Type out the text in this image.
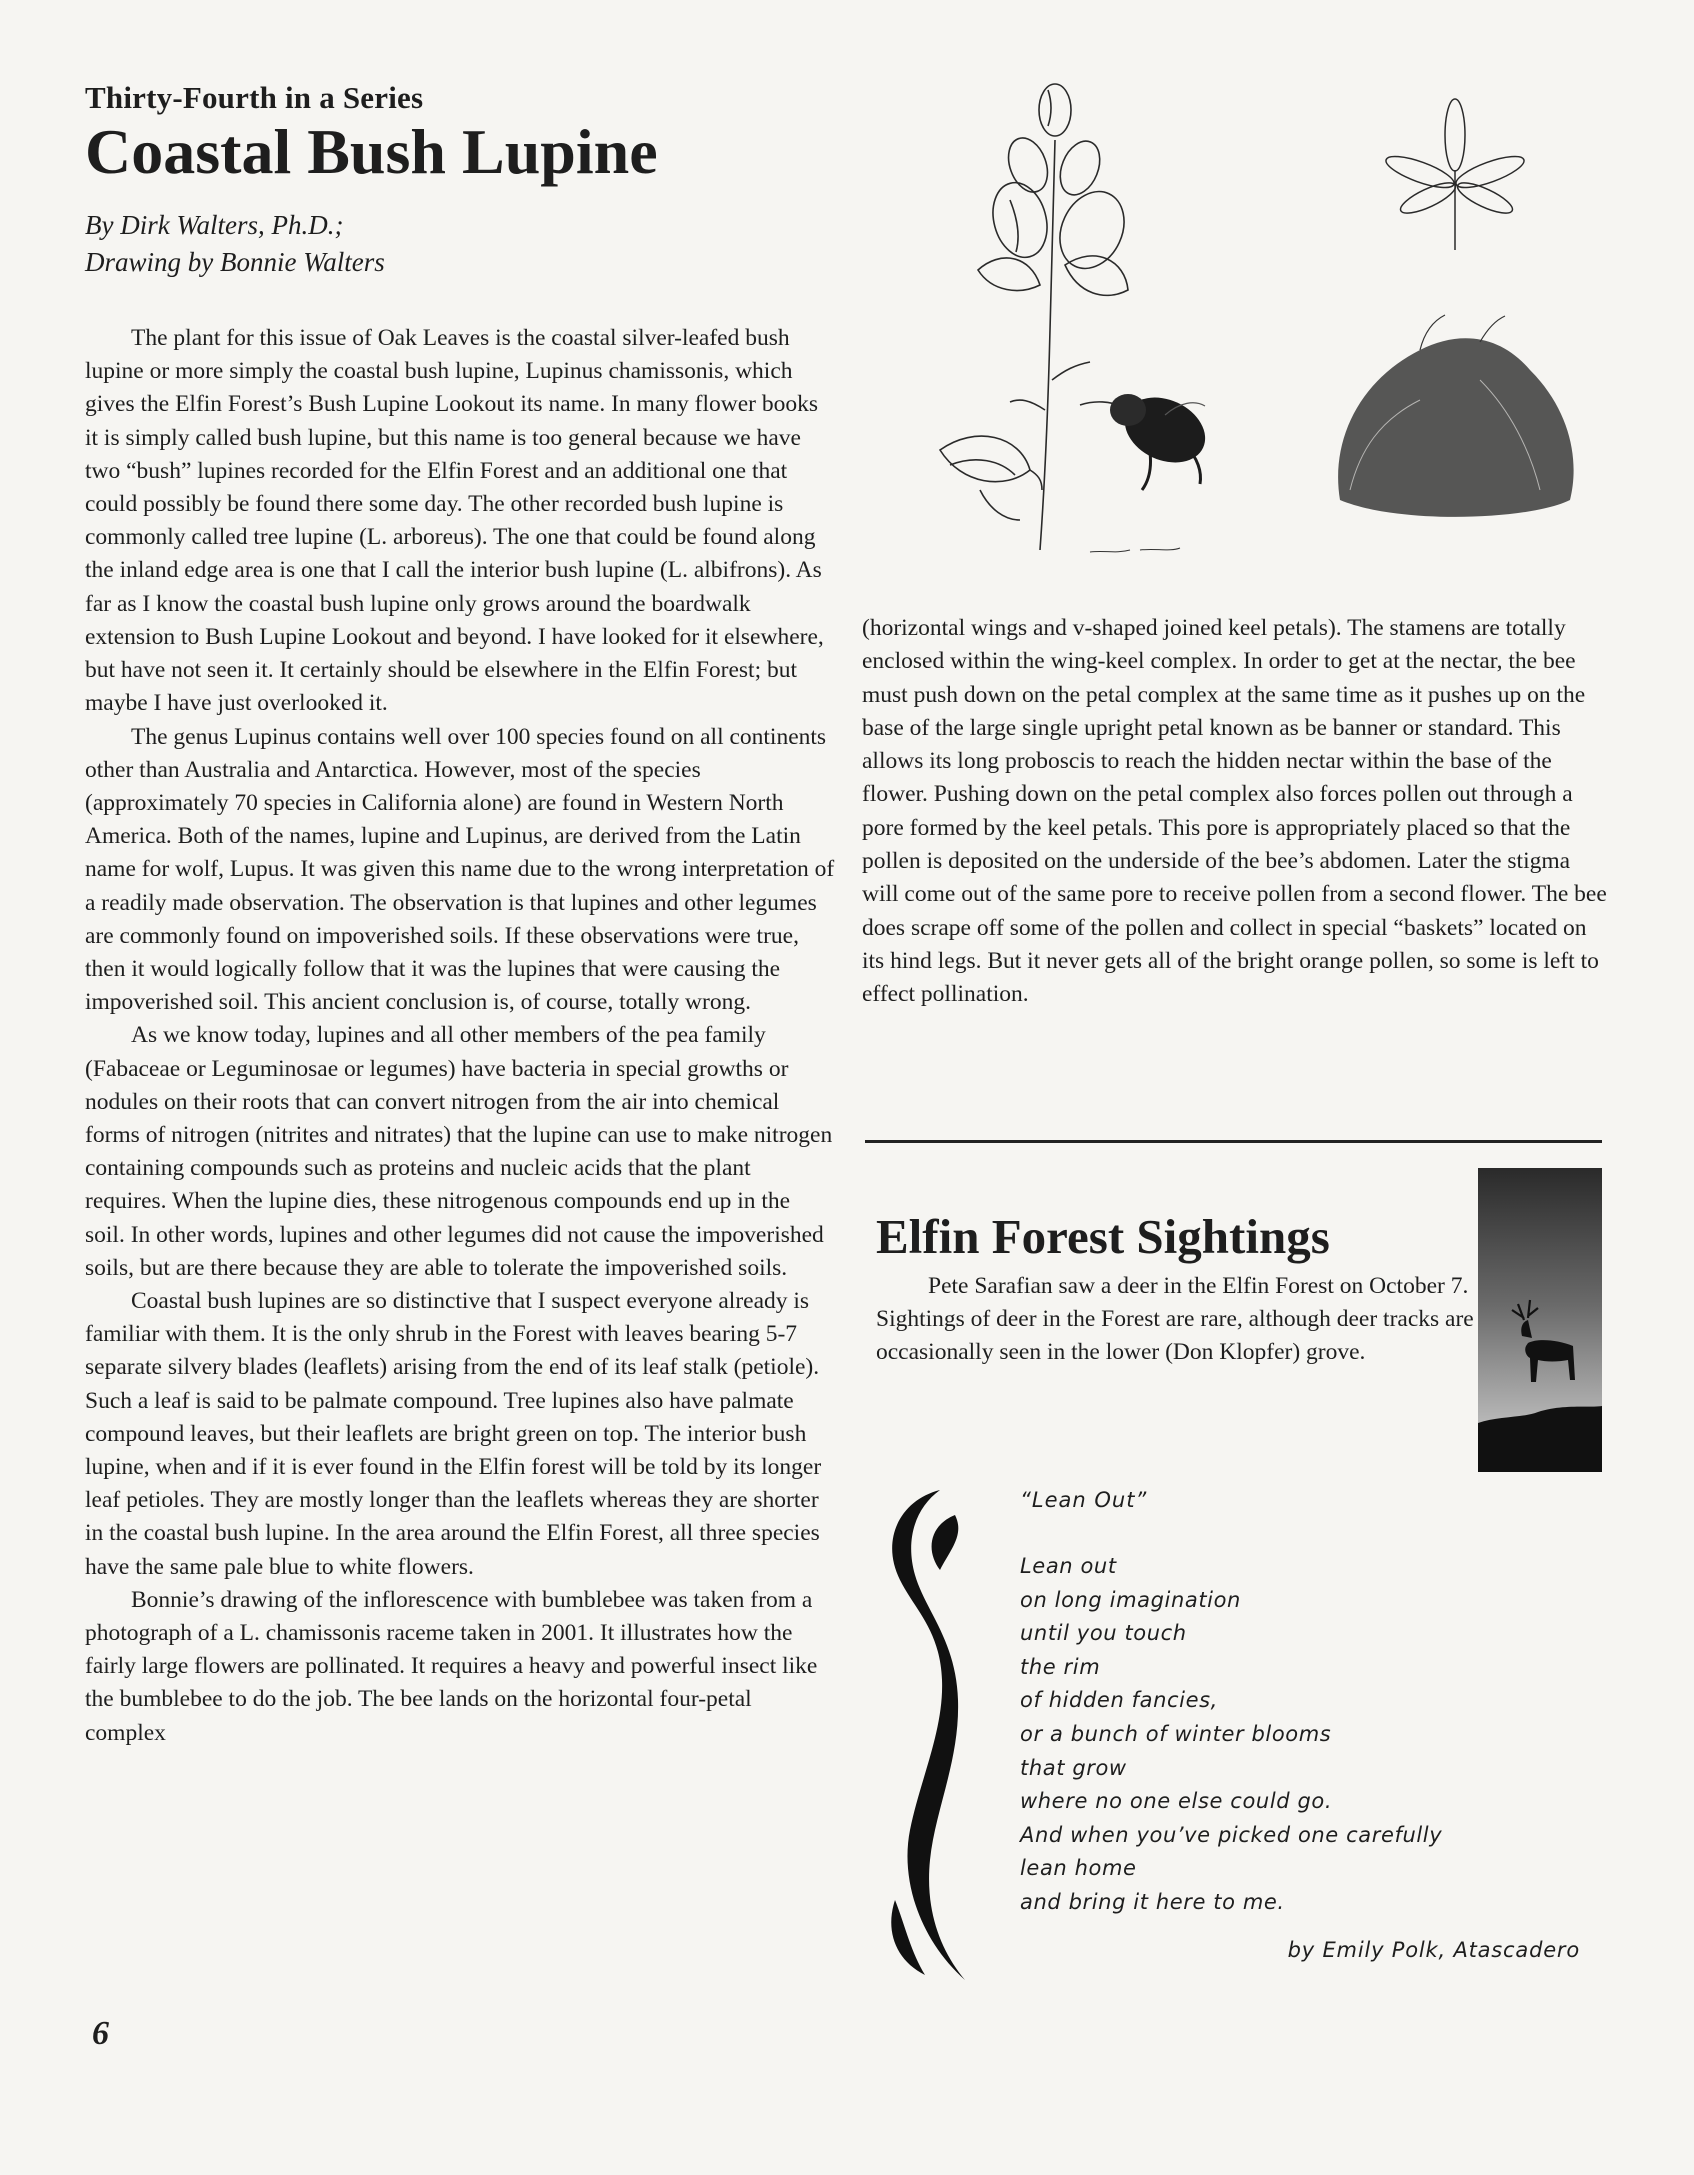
Thirty-Fourth in a Series
Coastal Bush Lupine
By Dirk Walters, Ph.D.;
Drawing by Bonnie Walters

The plant for this issue of Oak Leaves is the coastal silver-leafed bush lupine or more simply the coastal bush lupine, Lupinus chamissonis, which gives the Elfin Forest’s Bush Lupine Lookout its name. In many flower books it is simply called bush lupine, but this name is too general because we have two “bush” lupines recorded for the Elfin Forest and an additional one that could possibly be found there some day. The other recorded bush lupine is commonly called tree lupine (L. arboreus). The one that could be found along the inland edge area is one that I call the interior bush lupine (L. albifrons). As far as I know the coastal bush lupine only grows around the boardwalk extension to Bush Lupine Lookout and beyond. I have looked for it elsewhere, but have not seen it. It certainly should be elsewhere in the Elfin Forest; but maybe I have just overlooked it.

The genus Lupinus contains well over 100 species found on all continents other than Australia and Antarctica. However, most of the species (approximately 70 species in California alone) are found in Western North America. Both of the names, lupine and Lupinus, are derived from the Latin name for wolf, Lupus. It was given this name due to the wrong interpretation of a readily made observation. The observation is that lupines and other legumes are commonly found on impoverished soils. If these observations were true, then it would logically follow that it was the lupines that were causing the impoverished soil. This ancient conclusion is, of course, totally wrong.

As we know today, lupines and all other members of the pea family (Fabaceae or Leguminosae or legumes) have bacteria in special growths or nodules on their roots that can convert nitrogen from the air into chemical forms of nitrogen (nitrites and nitrates) that the lupine can use to make nitrogen containing compounds such as proteins and nucleic acids that the plant requires. When the lupine dies, these nitrogenous compounds end up in the soil. In other words, lupines and other legumes did not cause the impoverished soils, but are there because they are able to tolerate the impoverished soils.

Coastal bush lupines are so distinctive that I suspect everyone already is familiar with them. It is the only shrub in the Forest with leaves bearing 5-7 separate silvery blades (leaflets) arising from the end of its leaf stalk (petiole). Such a leaf is said to be palmate compound. Tree lupines also have palmate compound leaves, but their leaflets are bright green on top. The interior bush lupine, when and if it is ever found in the Elfin forest will be told by its longer leaf petioles. They are mostly longer than the leaflets whereas they are shorter in the coastal bush lupine. In the area around the Elfin Forest, all three species have the same pale blue to white flowers.

Bonnie’s drawing of the inflorescence with bumblebee was taken from a photograph of a L. chamissonis raceme taken in 2001. It illustrates how the fairly large flowers are pollinated. It requires a heavy and powerful insect like the bumblebee to do the job. The bee lands on the horizontal four-petal complex

6

(horizontal wings and v-shaped joined keel petals). The stamens are totally enclosed within the wing-keel complex. In order to get at the nectar, the bee must push down on the petal complex at the same time as it pushes up on the base of the large single upright petal known as be banner or standard. This allows its long proboscis to reach the hidden nectar within the base of the flower. Pushing down on the petal complex also forces pollen out through a pore formed by the keel petals. This pore is appropriately placed so that the pollen is deposited on the underside of the bee’s abdomen. Later the stigma will come out of the same pore to receive pollen from a second flower. The bee does scrape off some of the pollen and collect in special “baskets” located on its hind legs. But it never gets all of the bright orange pollen, so some is left to effect pollination.

Elfin Forest Sightings

Pete Sarafian saw a deer in the Elfin Forest on October 7. Sightings of deer in the Forest are rare, although deer tracks are occasionally seen in the lower (Don Klopfer) grove.

“Lean Out”
Lean out
on long imagination
until you touch
the rim
of hidden fancies,
or a bunch of winter blooms
that grow
where no one else could go.
And when you’ve picked one carefully
lean home
and bring it here to me.
by Emily Polk, Atascadero
